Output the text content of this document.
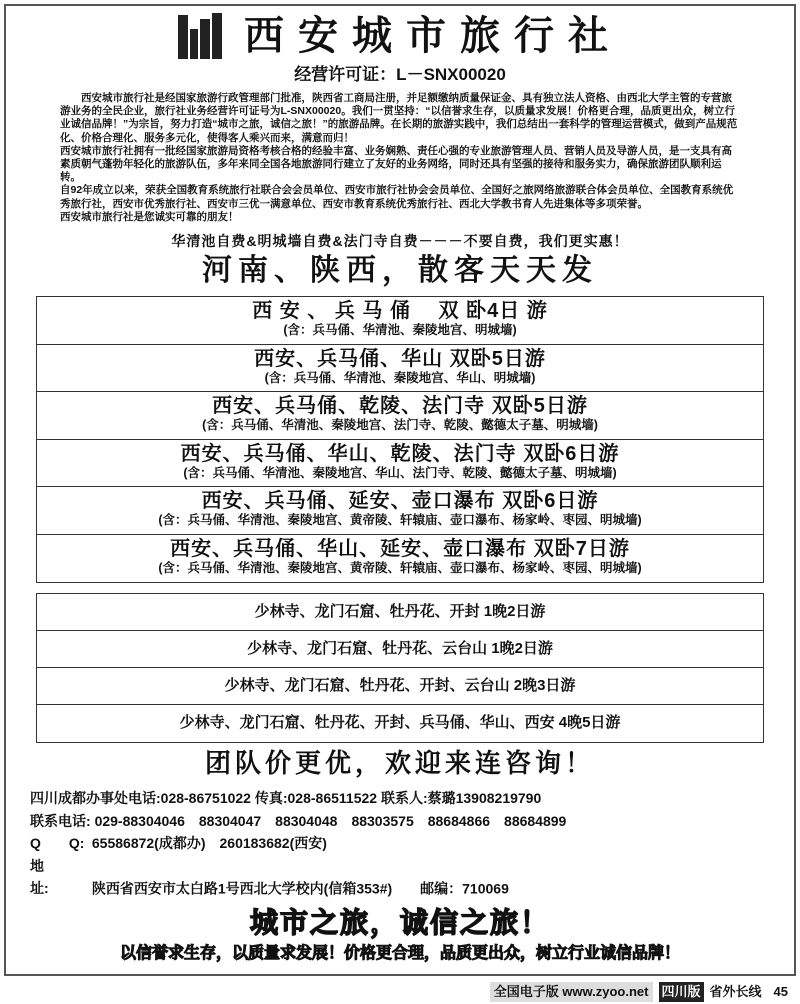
西安城市旅行社
经营许可证：L－SNX00020

西安城市旅行社是经国家旅游行政管理部门批准，陕西省工商局注册，并足额缴纳质量保证金、具有独立法人资格、由西北大学主管的专营旅游业务的全民企业，旅行社业务经营许可证号为L-SNX00020。我们一贯坚持：“以信誉求生存，以质量求发展！价格更合理，品质更出众，树立行业诚信品牌！”为宗旨，努力打造“城市之旅，诚信之旅！”的旅游品牌。在长期的旅游实践中，我们总结出一套科学的管理运营模式，做到产品规范化、价格合理化、服务多元化，使得客人乘兴而来，满意而归！

西安城市旅行社拥有一批经国家旅游局资格考核合格的经验丰富、业务娴熟、责任心强的专业旅游管理人员、营销人员及导游人员，是一支具有高素质朝气蓬勃年轻化的旅游队伍，多年来同全国各地旅游同行建立了友好的业务网络，同时还具有坚强的接待和服务实力，确保旅游团队顺利运转。

自92年成立以来，荣获全国教育系统旅行社联合会会员单位、西安市旅行社协会会员单位、全国好之旅网络旅游联合体会员单位、全国教育系统优秀旅行社，西安市优秀旅行社、西安市三优一满意单位、西安市教育系统优秀旅行社、西北大学教书育人先进集体等多项荣誉。

西安城市旅行社是您诚实可靠的朋友！

华清池自费&明城墙自费&法门寺自费－－－不要自费，我们更实惠！
河南、陕西，散客天天发
西 安 、 兵 马 俑　 双 卧4日 游
(含：兵马俑、华清池、秦陵地宫、明城墙)
西安、兵马俑、华山 双卧5日游
(含：兵马俑、华清池、秦陵地宫、华山、明城墙)
西安、兵马俑、乾陵、法门寺 双卧5日游
(含：兵马俑、华清池、秦陵地宫、法门寺、乾陵、懿德太子墓、明城墙)
西安、兵马俑、华山、乾陵、法门寺 双卧6日游
(含：兵马俑、华清池、秦陵地宫、华山、法门寺、乾陵、懿德太子墓、明城墙)
西安、兵马俑、延安、壶口瀑布 双卧6日游
(含：兵马俑、华清池、秦陵地宫、黄帝陵、轩辕庙、壶口瀑布、杨家岭、枣园、明城墙)
西安、兵马俑、华山、延安、壶口瀑布 双卧7日游
(含：兵马俑、华清池、秦陵地宫、黄帝陵、轩辕庙、壶口瀑布、杨家岭、枣园、明城墙)
少林寺、龙门石窟、牡丹花、开封 1晚2日游
少林寺、龙门石窟、牡丹花、云台山 1晚2日游
少林寺、龙门石窟、牡丹花、开封、云台山 2晚3日游
少林寺、龙门石窟、牡丹花、开封、兵马俑、华山、西安 4晚5日游
团队价更优，欢迎来连咨询！
四川成都办事处电话:028-86751022 传真:028-86511522 联系人:蔡璐13908219790
联系电话: 029-88304046　88304047　88304048　88303575　88684866　88684899
Q　　Q: 65586872(成都办)　260183682(西安)
地　　址:	陕西省西安市太白路1号西北大学校内(信箱353#)　　邮编：710069
城市之旅，诚信之旅！
以信誉求生存，以质量求发展！价格更合理，品质更出众，树立行业诚信品牌！
全国电子版 www.zyoo.net	四川版 省外长线 45
